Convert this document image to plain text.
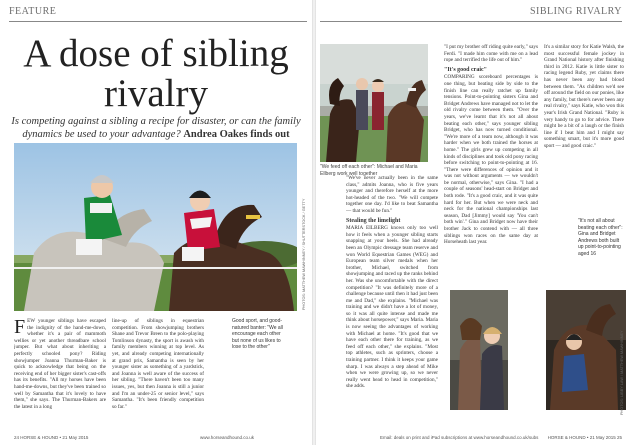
FEATURE
A dose of sibling rivalry
Is competing against a sibling a recipe for disaster, or can the family dynamics be used to your advantage? Andrea Oakes finds out
PHOTOS: MATTHEW MAWHINNEY / SHUTTERSTOCK / GETTY
F EW younger siblings have escaped the indignity of the hand-me-down, whether it's a pair of mammoth wellies or yet another threadbare school jumper. But what about inheriting a perfectly schooled pony? Riding showjumper Joanna Thurman-Baker is quick to acknowledge that being on the receiving end of her bigger sister's cast-offs has its benefits. "All my horses have been hand-me-downs, but they've been trained so well by Samantha that it's lovely to have them," she says. The Thurman-Bakers are the latest in a long
line-up of siblings in equestrian competition. From showjumping brothers Shane and Trevor Breen to the polo-playing Tomlinson dynasty, the sport is awash with family members winning at top level. As yet, and already competing internationally at grand prix, Samantha is seen by her younger sister as something of a yardstick, and Joanna is well aware of the success of her sibling. "There haven't been too many issues, yes, but then Joanna is still a junior and I'm an under-25 or senior level," says Samantha. "It's been friendly competition so far."
Good sport, and good-natured banter: "We all encourage each other but none of us likes to lose to the other"
24 HORSE & HOUND • 21 May 2015	www.horseandhound.co.uk
SIBLING RIVALRY
"We feed off each other": Michael and Maria Ellberg work well together

"We've never actually been in the same class," admits Joanna, who is five years younger and therefore herself at the more hot-headed of the two. "We will compete together one day. I'd like to beat Samantha — that would be fun."

Stealing the limelight

MARIA EILBERG knows only too well how it feels when a younger sibling starts snapping at your heels. She had already been an Olympic dressage team reserve and won World Equestrian Games (WEG) and European team silver medals when her brother, Michael, switched from showjumping and raced up the ranks behind her. Was she uncomfortable with the direct competition? "It was definitely more of a challenge because until then it had just been me and Dad," she explains. "Michael was training and we didn't have a lot of money, so it was all quite intense and made me think about horsepower," says Maria. Maria is now seeing the advantages of working with Michael at home. "It's good that we have each other there for training, as we feed off each other," she explains. "Most top athletes, such as sprinters, choose a training partner. I think it keeps your game sharp. I was always a step ahead of Mike when we were growing up, so we never really went head to head in competition," she adds.

"I put my brother off riding quite early," says Ferdi. "I made him come with me on a lead rope and terrified the life out of him."

"It's good craic"

COMPARING scoreboard percentages is one thing, but beating side by side to the finish line can really ratchet up family tensions. Point-to-pointing sisters Gina and Bridget Andrews have managed not to let the old rivalry come between them. "Over the years, we've learnt that it's not all about beating each other," says younger sibling Bridget, who has now turned conditional. "We're more of a team now, although it was harder when we both trained the horses at home." The girls grew up competing in all kinds of disciplines and took old pony racing before switching to point-to-pointing at 16. "There were differences of opinion and it was not without arguments — we wouldn't be normal, otherwise," says Gina. "I had a couple of seasons' head-start on Bridget and both rode. "It's a good craic, and it was quite hard for her. But when we were neck and neck for the national championships last season, Dad [Jimmy] would say 'You can't both win'." Gina and Bridget now have their brother Jack to contend with — all three siblings won races on the same day at Horseheath last year.

It's a similar story for Katie Walsh, the most successful female jockey in Grand National history after finishing third in 2012. Katie is little sister to racing legend Ruby, yet claims there has never been any bad blood between them. "As children we'd see off around the field on our ponies, like any family, but there's never been any real rivalry," says Katie, who won this year's Irish Grand National. "Ruby is very handy to go to for advice. There might be a bit of a laugh or the finish line if I beat him and I might say something smart, but it's more good sport — and good craic."

"It's not all about beating each other": Gina and Bridget Andrews both built up point-to-pointing aged 16
PHOTOS: LIBBY LAW / MATTHEW MAWHINNEY
Email: deals on print and iPad subscriptions at www.horseandhound.co.uk/subs HORSE & HOUND • 21 May 2015 25
